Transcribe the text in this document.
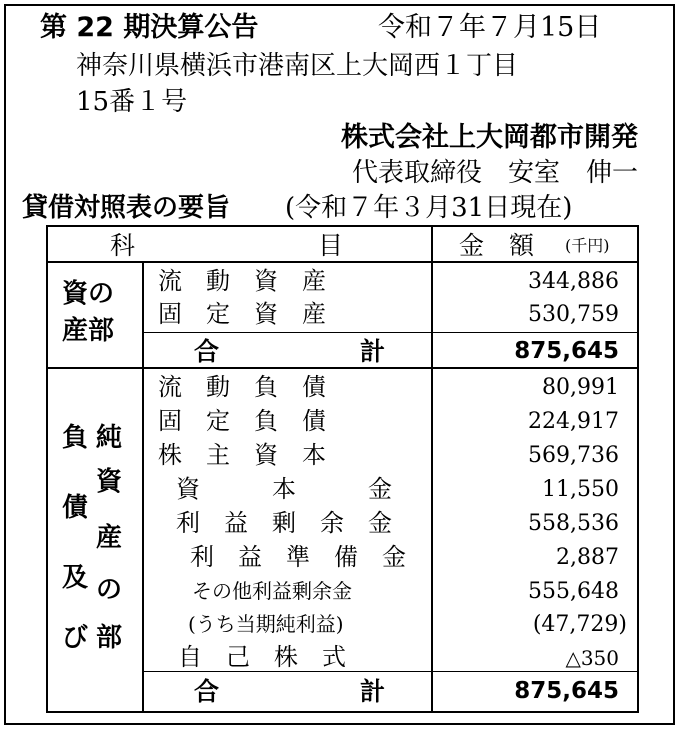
第 22 期決算公告	令和７年７月15日
神奈川県横浜市港南区上大岡西１丁目
15番１号
株式会社上大岡都市開発
代表取締役　安室　伸一
貸借対照表の要旨 (令和７年３月31日現在)
科	目	金　額 (千円)
資の
産部
流　動　資　産	344,886
固　定　資　産	530,759
合	計	875,645
負
債
及
び
純
資
産
の
部
流　動　負　債	80,991
固　定　負　債	224,917
株　主　資　本	569,736
資　　　本　　　金	11,550
利　益　剰　余　金	558,536
利　益　準　備　金	2,887
その他利益剰余金	555,648
(うち当期純利益)	(47,729)
自　己　株　式	△350
合	計	875,645
